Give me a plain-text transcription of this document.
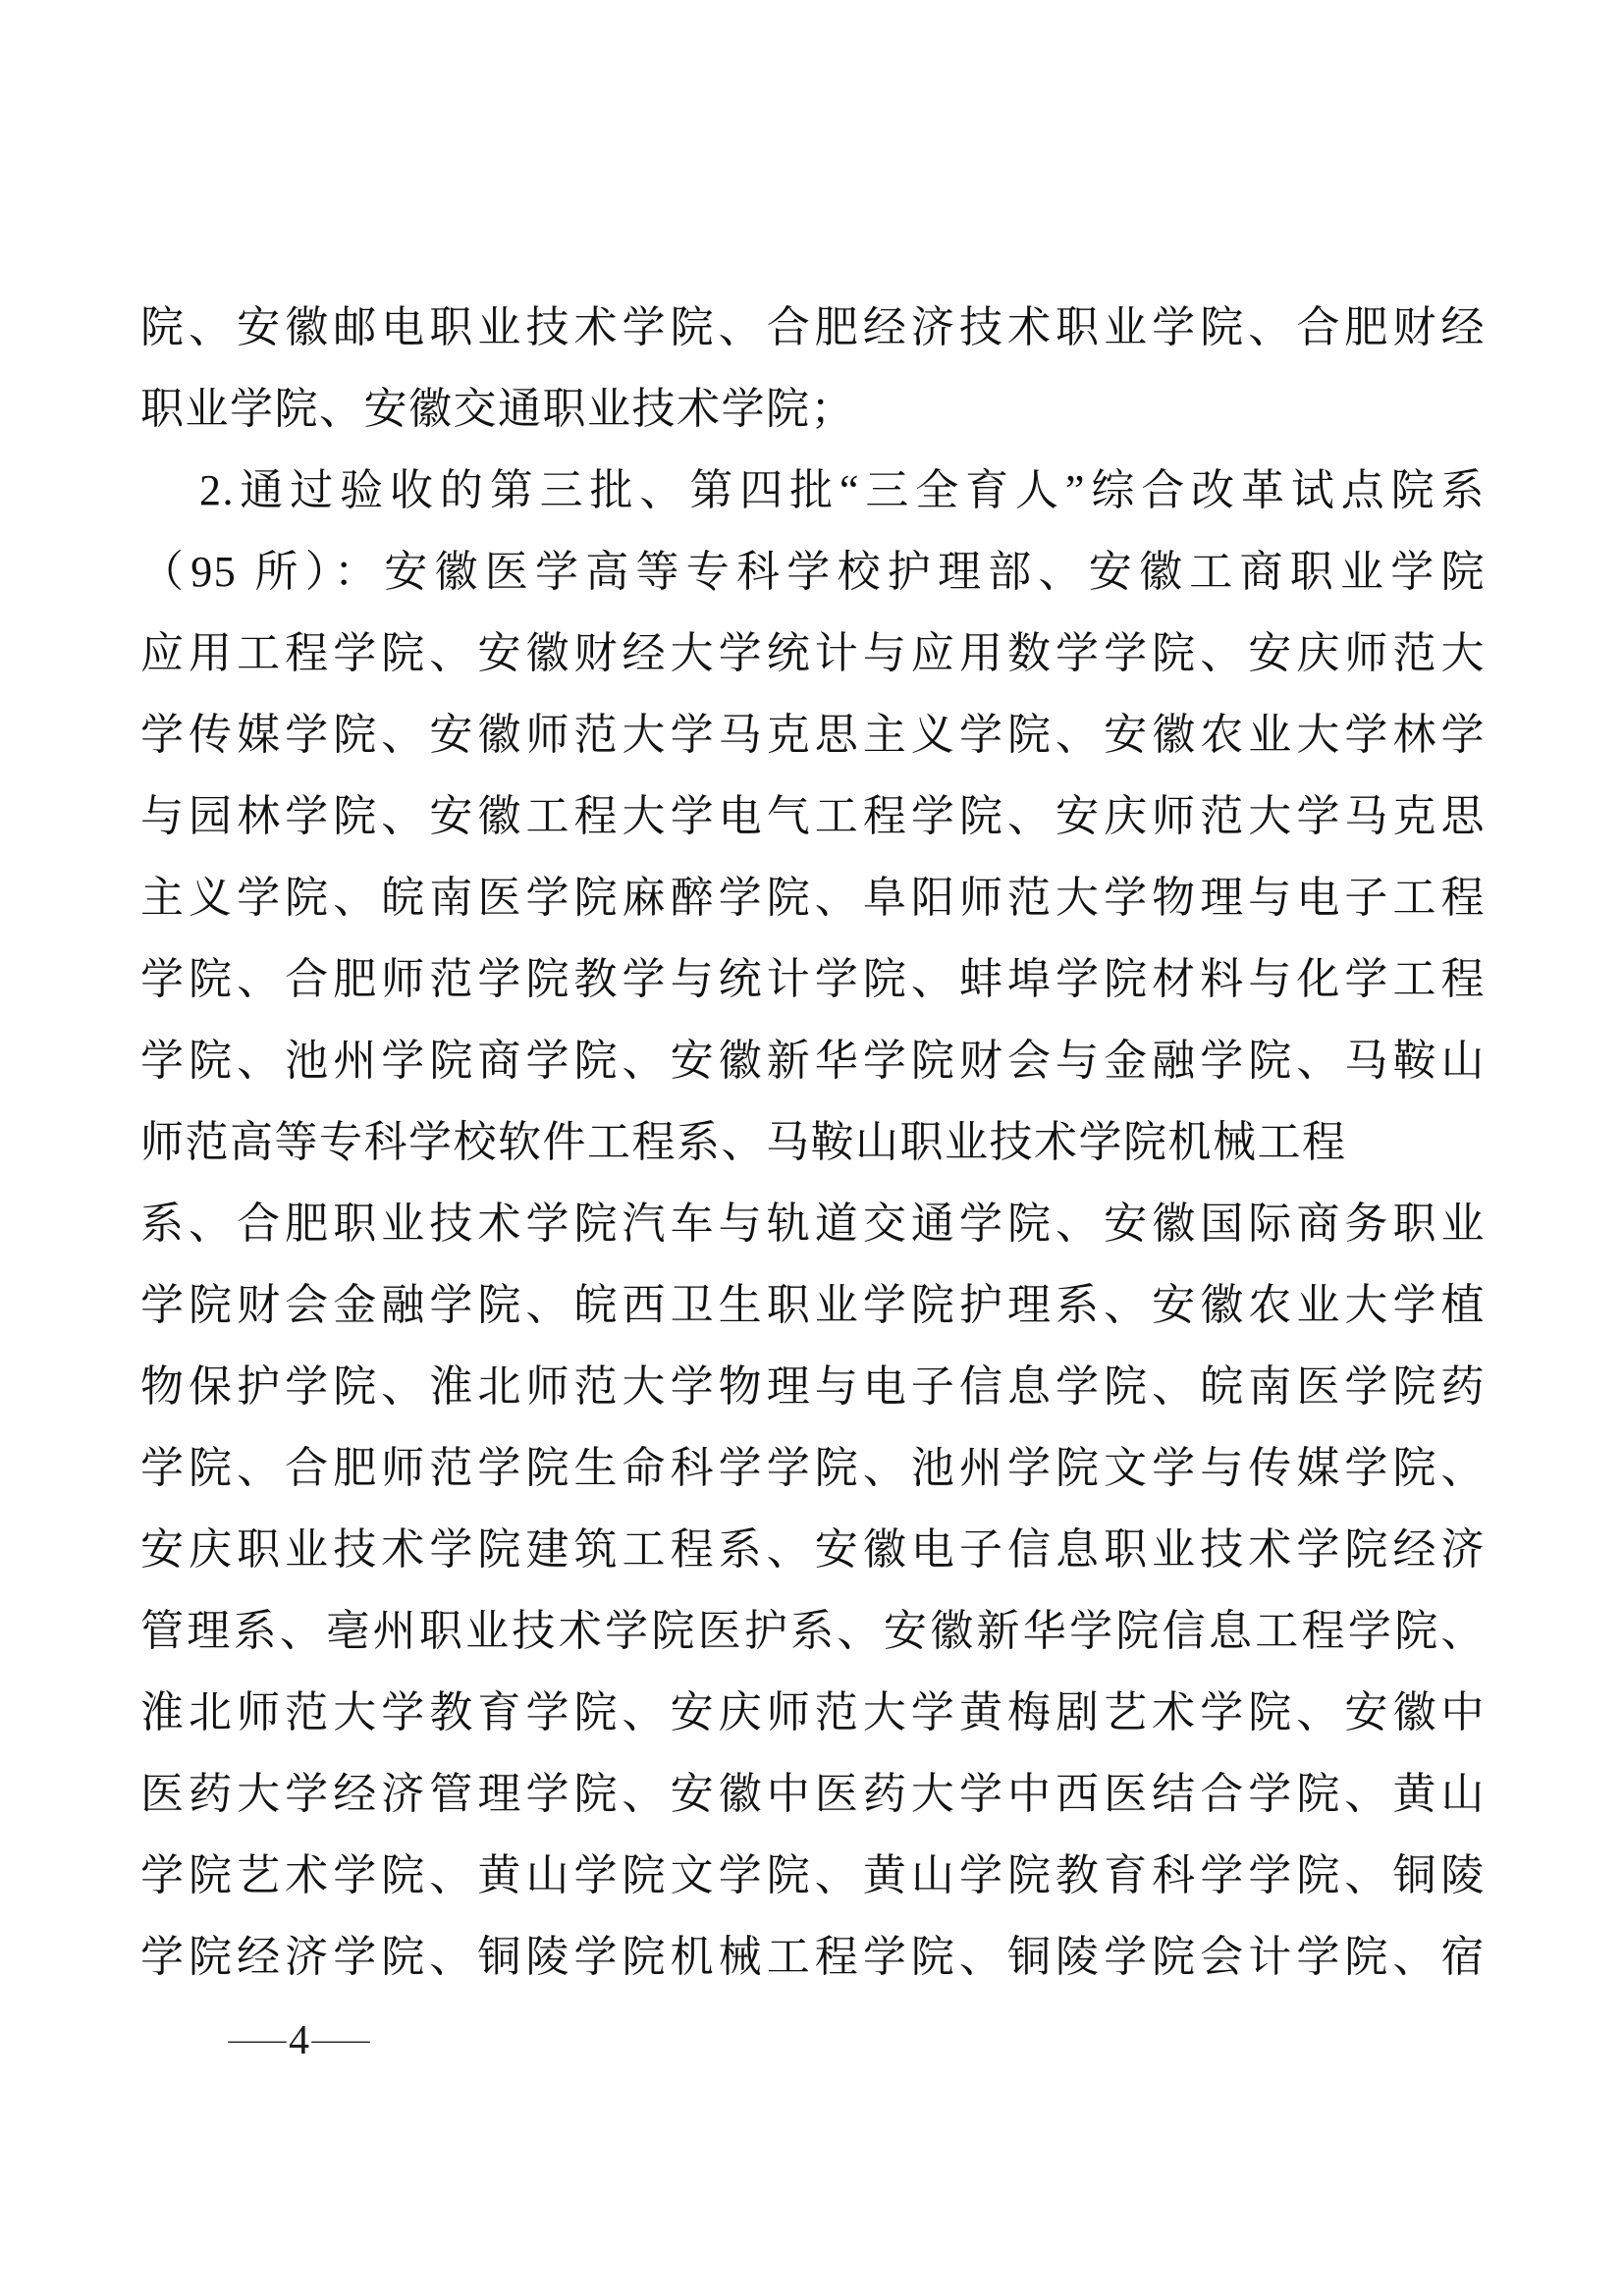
院、安徽邮电职业技术学院、合肥经济技术职业学院、合肥财经
职业学院、安徽交通职业技术学院；
2.通过验收的第三批、第四批“三全育人”综合改革试点院系
（95 所）：安徽医学高等专科学校护理部、安徽工商职业学院
应用工程学院、安徽财经大学统计与应用数学学院、安庆师范大
学传媒学院、安徽师范大学马克思主义学院、安徽农业大学林学
与园林学院、安徽工程大学电气工程学院、安庆师范大学马克思
主义学院、皖南医学院麻醉学院、阜阳师范大学物理与电子工程
学院、合肥师范学院教学与统计学院、蚌埠学院材料与化学工程
学院、池州学院商学院、安徽新华学院财会与金融学院、马鞍山
师范高等专科学校软件工程系、马鞍山职业技术学院机械工程
系、合肥职业技术学院汽车与轨道交通学院、安徽国际商务职业
学院财会金融学院、皖西卫生职业学院护理系、安徽农业大学植
物保护学院、淮北师范大学物理与电子信息学院、皖南医学院药
学院、合肥师范学院生命科学学院、池州学院文学与传媒学院、
安庆职业技术学院建筑工程系、安徽电子信息职业技术学院经济
管理系、亳州职业技术学院医护系、安徽新华学院信息工程学院、
淮北师范大学教育学院、安庆师范大学黄梅剧艺术学院、安徽中
医药大学经济管理学院、安徽中医药大学中西医结合学院、黄山
学院艺术学院、黄山学院文学院、黄山学院教育科学学院、铜陵
学院经济学院、铜陵学院机械工程学院、铜陵学院会计学院、宿
— 4 —
